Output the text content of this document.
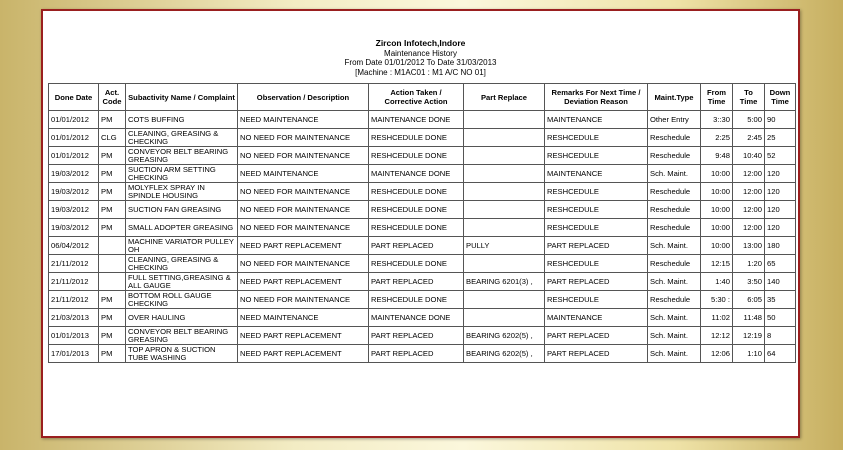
Zircon Infotech,Indore
Maintenance History
From Date 01/01/2012 To Date 31/03/2013
[Machine : M1AC01 : M1 A/C NO 01]
Done Date	Act. Code	Subactivity Name / Complaint	Observation / Description	Action Taken / Corrective Action	Part Replace	Remarks For Next Time / Deviation Reason	Maint.Type	From Time	To Time	Down Time
01/01/2012	PM	COTS BUFFING	NEED MAINTENANCE	MAINTENANCE DONE		MAINTENANCE	Other Entry	3::30	5:00	90
01/01/2012	CLG	CLEANING, GREASING & CHECKING	NO NEED FOR MAINTENANCE	RESHCEDULE DONE		RESHCEDULE	Reschedule	2:25	2:45	25
01/01/2012	PM	CONVEYOR BELT BEARING GREASING	NO NEED FOR MAINTENANCE	RESHCEDULE DONE		RESHCEDULE	Reschedule	9:48	10:40	52
19/03/2012	PM	SUCTION ARM SETTING CHECKING	NEED MAINTENANCE	MAINTENANCE DONE		MAINTENANCE	Sch. Maint.	10:00	12:00	120
19/03/2012	PM	MOLYFLEX SPRAY IN SPINDLE HOUSING	NO NEED FOR MAINTENANCE	RESHCEDULE DONE		RESHCEDULE	Reschedule	10:00	12:00	120
19/03/2012	PM	SUCTION FAN GREASING	NO NEED FOR MAINTENANCE	RESHCEDULE DONE		RESHCEDULE	Reschedule	10:00	12:00	120
19/03/2012	PM	SMALL ADOPTER GREASING	NO NEED FOR MAINTENANCE	RESHCEDULE DONE		RESHCEDULE	Reschedule	10:00	12:00	120
06/04/2012		MACHINE VARIATOR PULLEY OH	NEED PART REPLACEMENT	PART REPLACED	PULLY	PART REPLACED	Sch. Maint.	10:00	13:00	180
21/11/2012		CLEANING, GREASING & CHECKING	NO NEED FOR MAINTENANCE	RESHCEDULE DONE		RESHCEDULE	Reschedule	12:15	1:20	65
21/11/2012		FULL SETTING,GREASING & ALL GAUGE	NEED PART REPLACEMENT	PART REPLACED	BEARING 6201(3) ,	PART REPLACED	Sch. Maint.	1:40	3:50	140
21/11/2012	PM	BOTTOM ROLL GAUGE CHECKING	NO NEED FOR MAINTENANCE	RESHCEDULE DONE		RESHCEDULE	Reschedule	5:30 :	6:05	35
21/03/2013	PM	OVER HAULING	NEED MAINTENANCE	MAINTENANCE DONE		MAINTENANCE	Sch. Maint.	11:02	11:48	50
01/01/2013	PM	CONVEYOR BELT BEARING GREASING	NEED PART REPLACEMENT	PART REPLACED	BEARING 6202(5) ,	PART REPLACED	Sch. Maint.	12:12	12:19	8
17/01/2013	PM	TOP APRON & SUCTION TUBE WASHING	NEED PART REPLACEMENT	PART REPLACED	BEARING 6202(5) ,	PART REPLACED	Sch. Maint.	12:06	1:10	64
